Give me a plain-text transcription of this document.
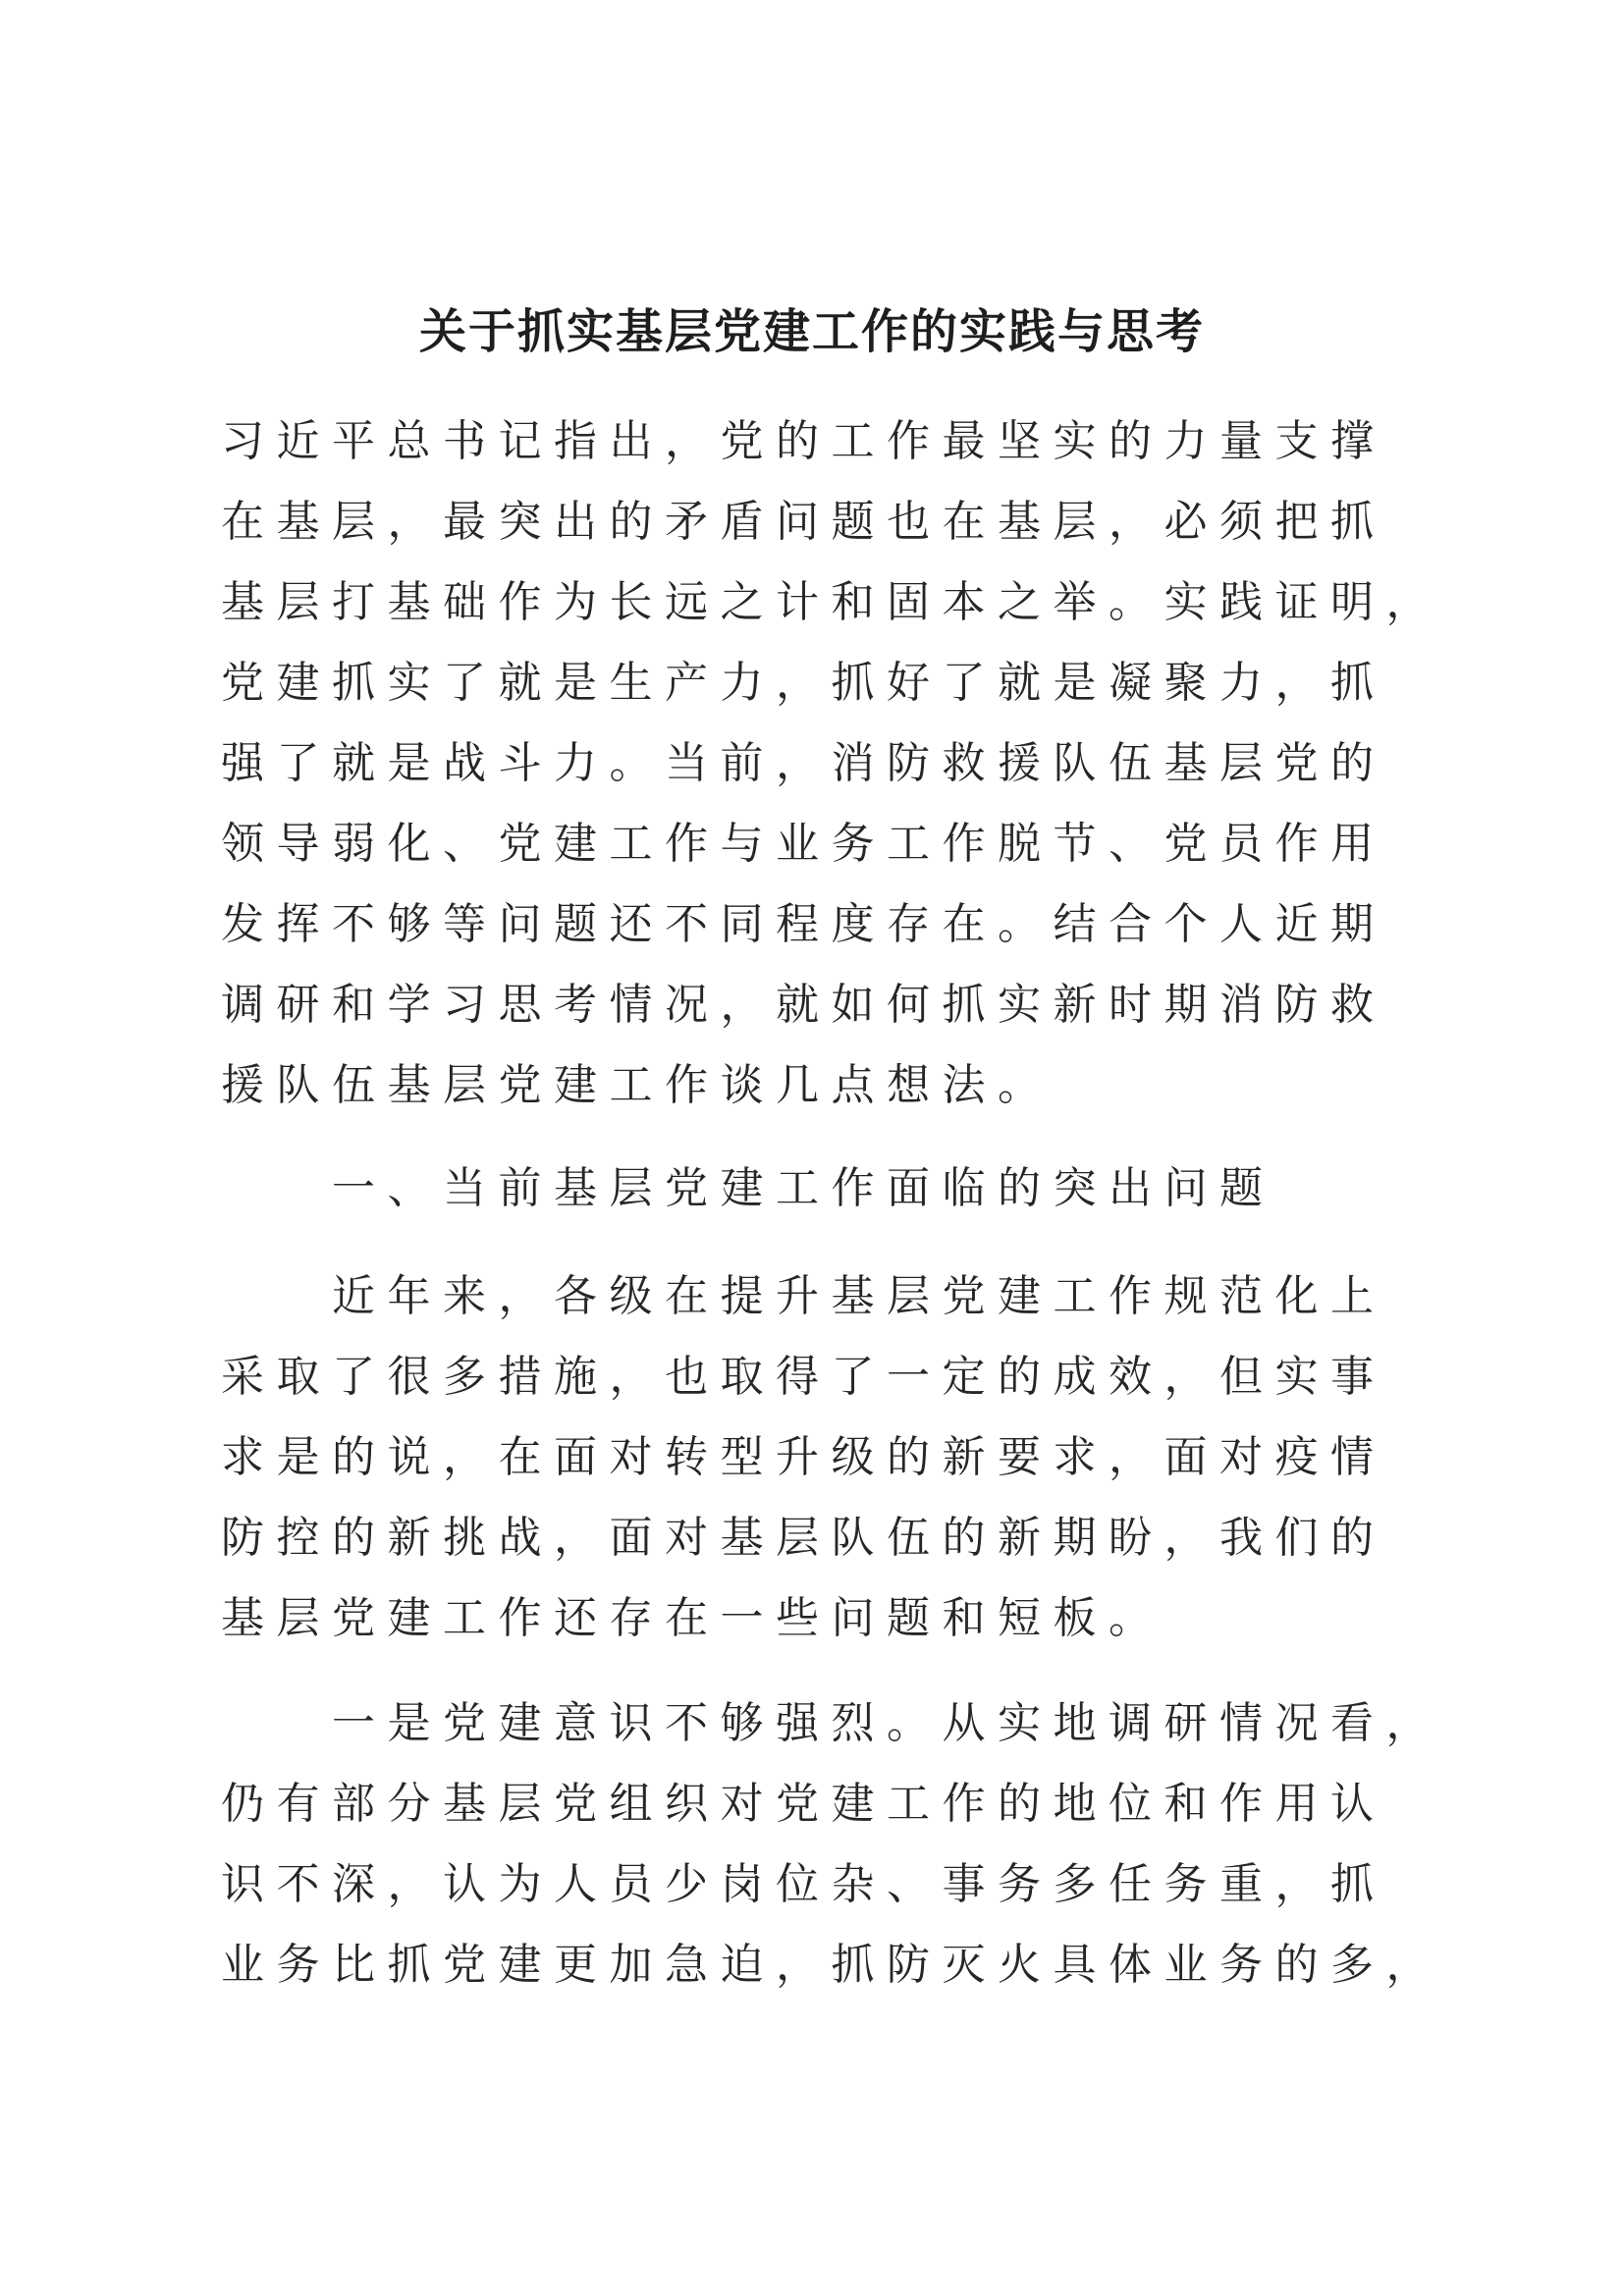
关于抓实基层党建工作的实践与思考

习近平总书记指出，党的工作最坚实的力量支撑

在基层，最突出的矛盾问题也在基层，必须把抓

基层打基础作为长远之计和固本之举。实践证明，

党建抓实了就是生产力，抓好了就是凝聚力，抓

强了就是战斗力。当前，消防救援队伍基层党的

领导弱化、党建工作与业务工作脱节、党员作用

发挥不够等问题还不同程度存在。结合个人近期

调研和学习思考情况，就如何抓实新时期消防救

援队伍基层党建工作谈几点想法。

一、当前基层党建工作面临的突出问题

近年来，各级在提升基层党建工作规范化上

采取了很多措施，也取得了一定的成效，但实事

求是的说，在面对转型升级的新要求，面对疫情

防控的新挑战，面对基层队伍的新期盼，我们的

基层党建工作还存在一些问题和短板。

一是党建意识不够强烈。从实地调研情况看，

仍有部分基层党组织对党建工作的地位和作用认

识不深，认为人员少岗位杂、事务多任务重，抓

业务比抓党建更加急迫，抓防灭火具体业务的多，
